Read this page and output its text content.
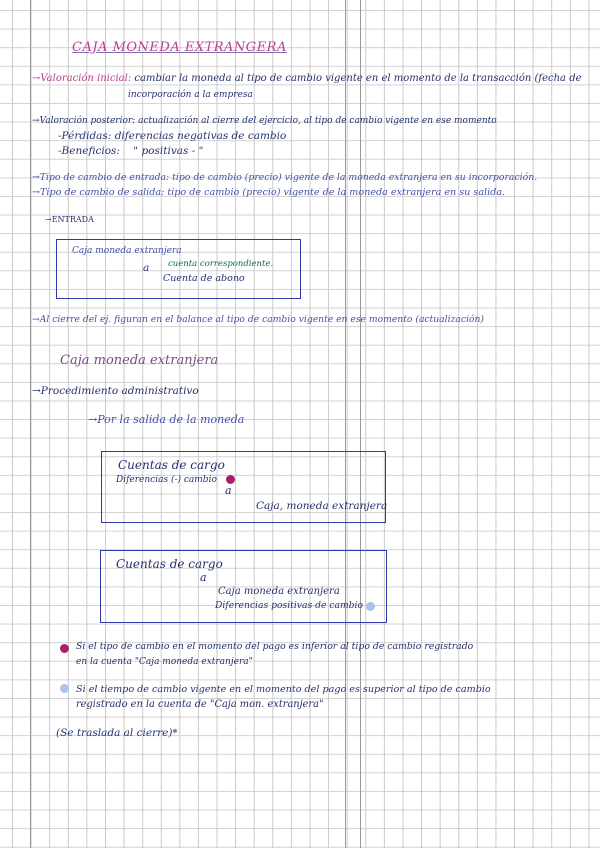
CAJA MONEDA EXTRANGERA
→Valoración inicial: cambiar la moneda al tipo de cambio vigente en el momento de la transacción (fecha de
incorporación a la empresa
→Valoración posterior: actualización al cierre del ejercicio, al tipo de cambio vigente en ese momento
-Pérdidas: diferencias negativas de cambio
-Beneficios: " positivas - "
→Tipo de cambio de entrada: tipo de cambio (precio) vigente de la moneda extranjera en su incorporación.
→Tipo de cambio de salida: tipo de cambio (precio) vigente de la moneda extranjera en su salida.
→ENTRADA
Caja moneda extranjera
a cuenta correspondiente.
Cuenta de abono
→Al cierre del ej. figuran en el balance al tipo de cambio vigente en ese momento (actualización)
Caja moneda extranjera
→Procedimiento administrativo
→Por la salida de la moneda
Cuentas de cargo
Diferencias (-) cambio
a
Caja, moneda extranjera
Cuentas de cargo
a
Caja moneda extranjera
Diferencias positivas de cambio
Si el tipo de cambio en el momento del pago es inferior al tipo de cambio registrado
en la cuenta "Caja moneda extranjera"
Si el tiempo de cambio vigente en el momento del pago es superior al tipo de cambio
registrado en la cuenta de "Caja mon. extranjera"
(Se traslada al cierre)*
